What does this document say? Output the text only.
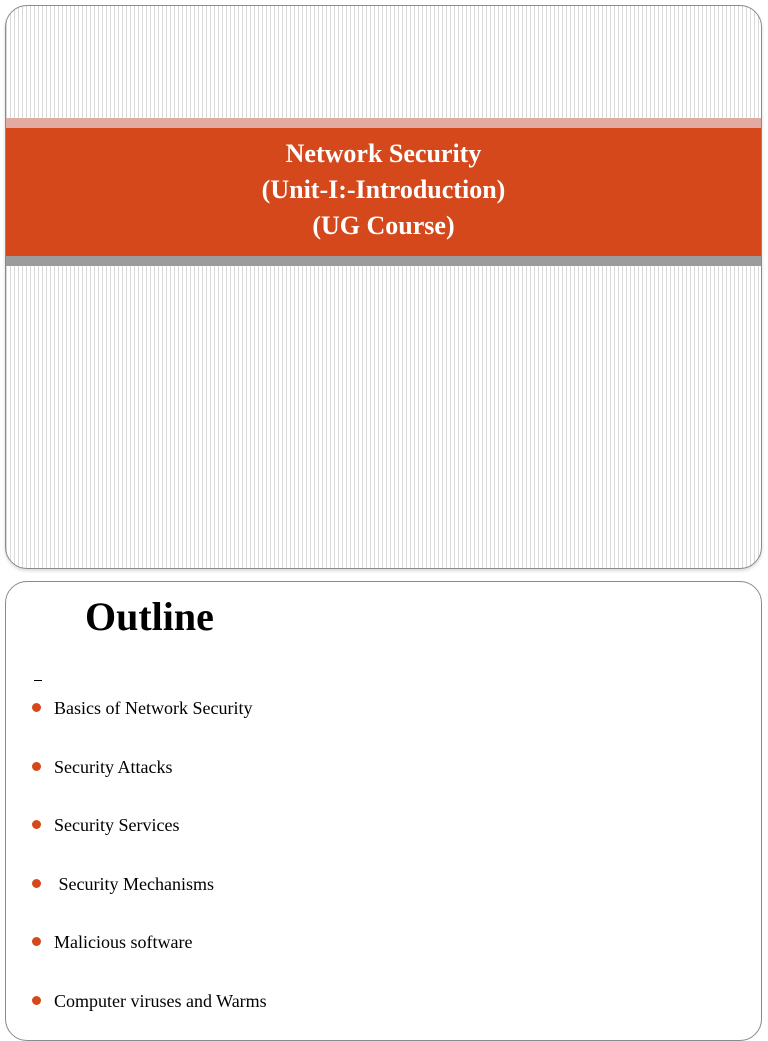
Network Security
(Unit-I:-Introduction)
(UG Course)
Outline
Basics of Network Security
Security Attacks
Security Services
Security Mechanisms
Malicious software
Computer viruses and Warms
